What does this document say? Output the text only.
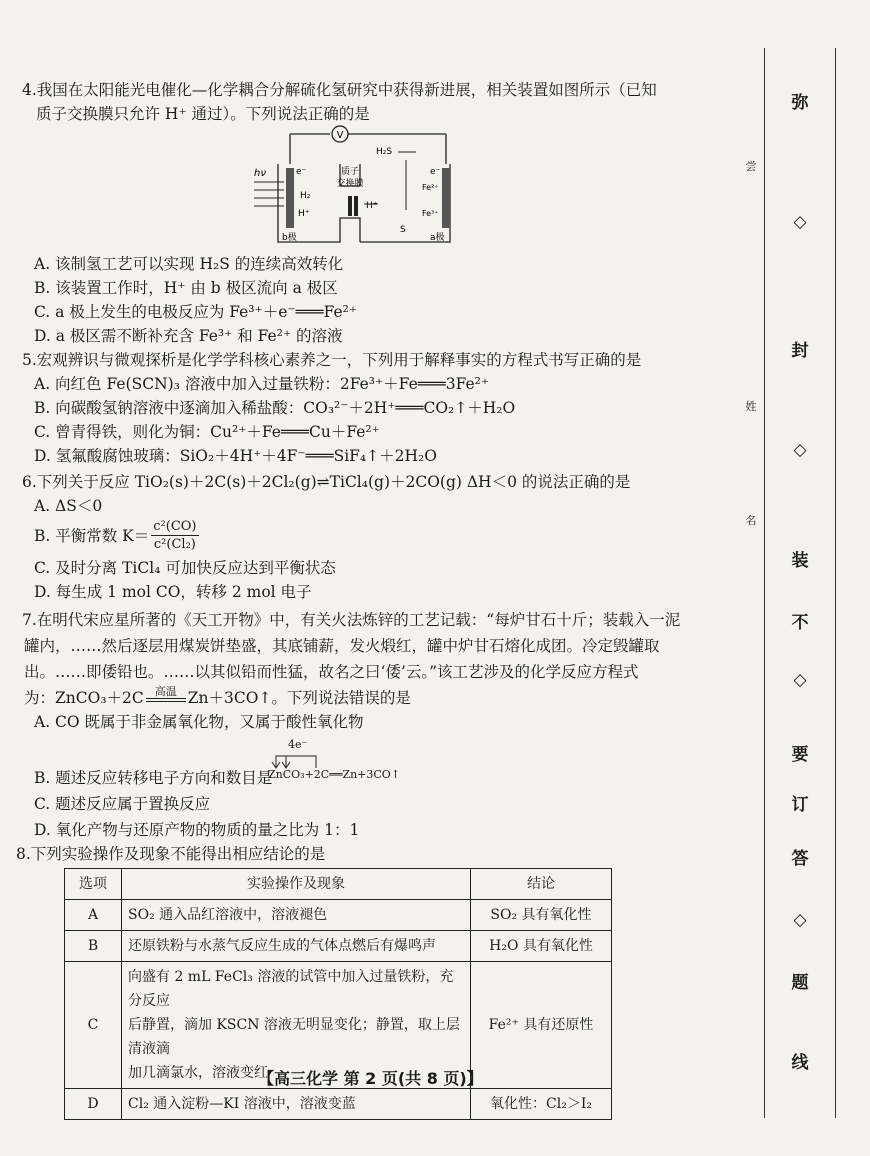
4.我国在太阳能光电催化—化学耦合分解硫化氢研究中获得新进展，相关装置如图所示（已知
质子交换膜只允许 H⁺ 通过）。下列说法正确的是
V
hν	e⁻
H₂
H⁺
质子
交换膜
H⁺
H₂S
Fe²⁺
Fe³⁺
S
e⁻
b极	a极
A. 该制氢工艺可以实现 H₂S 的连续高效转化
B. 该装置工作时，H⁺ 由 b 极区流向 a 极区
C. a 极上发生的电极反应为 Fe³⁺＋e⁻═══Fe²⁺
D. a 极区需不断补充含 Fe³⁺ 和 Fe²⁺ 的溶液
5.宏观辨识与微观探析是化学学科核心素养之一，下列用于解释事实的方程式书写正确的是
A. 向红色 Fe(SCN)₃ 溶液中加入过量铁粉：2Fe³⁺＋Fe═══3Fe²⁺
B. 向碳酸氢钠溶液中逐滴加入稀盐酸：CO₃²⁻＋2H⁺═══CO₂↑＋H₂O
C. 曾青得铁，则化为铜：Cu²⁺＋Fe═══Cu＋Fe²⁺
D. 氢氟酸腐蚀玻璃：SiO₂＋4H⁺＋4F⁻═══SiF₄↑＋2H₂O
6.下列关于反应 TiO₂(s)＋2C(s)＋2Cl₂(g)⇌TiCl₄(g)＋2CO(g) ΔH＜0 的说法正确的是
A. ΔS＜0
B. 平衡常数 $K= \frac{\text{c²(CO)}}{\text{c²(Cl₂)}}$
C. 及时分离 TiCl₄ 可加快反应达到平衡状态
D. 每生成 1 mol CO，转移 2 mol 电子
7.在明代宋应星所著的《天工开物》中，有关火法炼锌的工艺记载：“每炉甘石十斤；装载入一泥
罐内，……然后逐层用煤炭饼垫盛，其底铺薪，发火煅红，罐中炉甘石熔化成团。冷定毁罐取
出。……即倭铅也。……以其似铅而性猛，故名之曰‘倭’云。”该工艺涉及的化学反应方程式
为：ZnCO₃＋2C 高温 Zn＋3CO↑。下列说法错误的是
A. CO 既属于非金属氧化物，又属于酸性氧化物
B. 题述反应转移电子方向和数目是
4e⁻
ZnCO₃+2C══Zn+3CO↑
C. 题述反应属于置换反应
D. 氧化产物与还原产物的物质的量之比为 1：1
8.下列实验操作及现象不能得出相应结论的是
选项	实验操作及现象	结论
A	SO₂ 通入品红溶液中，溶液褪色	SO₂ 具有氧化性
B	还原铁粉与水蒸气反应生成的气体点燃后有爆鸣声	H₂O 具有氧化性
C	向盛有 2 mL FeCl₃ 溶液的试管中加入过量铁粉，充分反应
后静置，滴加 KSCN 溶液无明显变化；静置，取上层清液滴
加几滴氯水，溶液变红	Fe²⁺ 具有还原性
D	Cl₂ 通入淀粉—KI 溶液中，溶液变蓝	氧化性：Cl₂＞I₂
【高三化学 第 2 页(共 8 页)】
弥
◇
封
◇
装
不
◇
要
订
答
◇
题
线
尝
姓
名
